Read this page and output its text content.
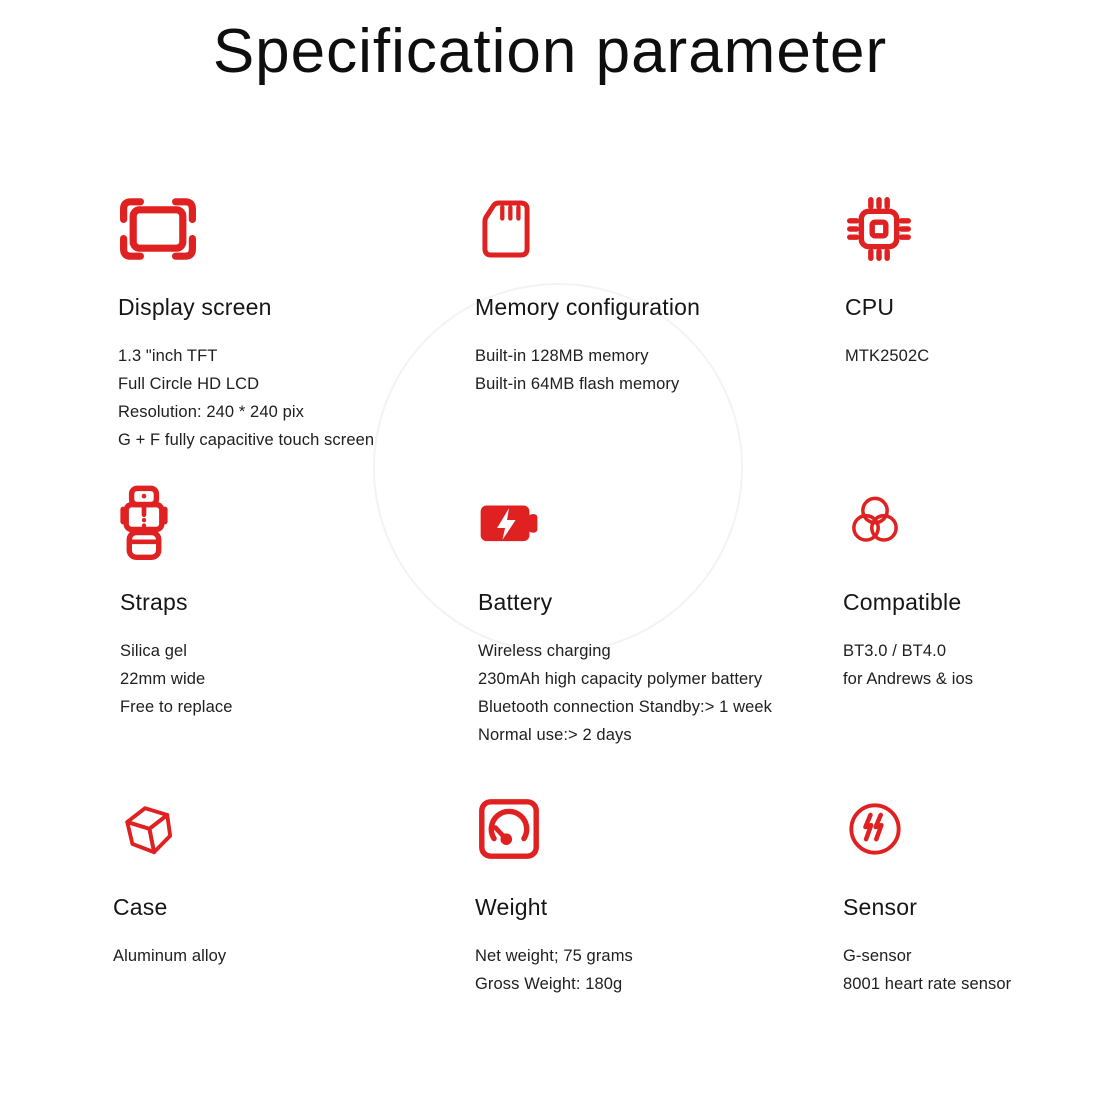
Specification parameter
Display screen
1.3 "inch TFT
Full Circle HD LCD
Resolution: 240 * 240 pix
G + F fully capacitive touch screen
Memory configuration
Built-in 128MB memory
Built-in 64MB flash memory
CPU
MTK2502C
Straps
Silica gel
22mm wide
Free to replace
Battery
Wireless charging
230mAh high capacity polymer battery
Bluetooth connection Standby:> 1 week
Normal use:> 2 days
Compatible
BT3.0 / BT4.0
for Andrews & ios
Case
Aluminum alloy
Weight
Net weight; 75 grams
Gross Weight: 180g
Sensor
G-sensor
8001 heart rate sensor
